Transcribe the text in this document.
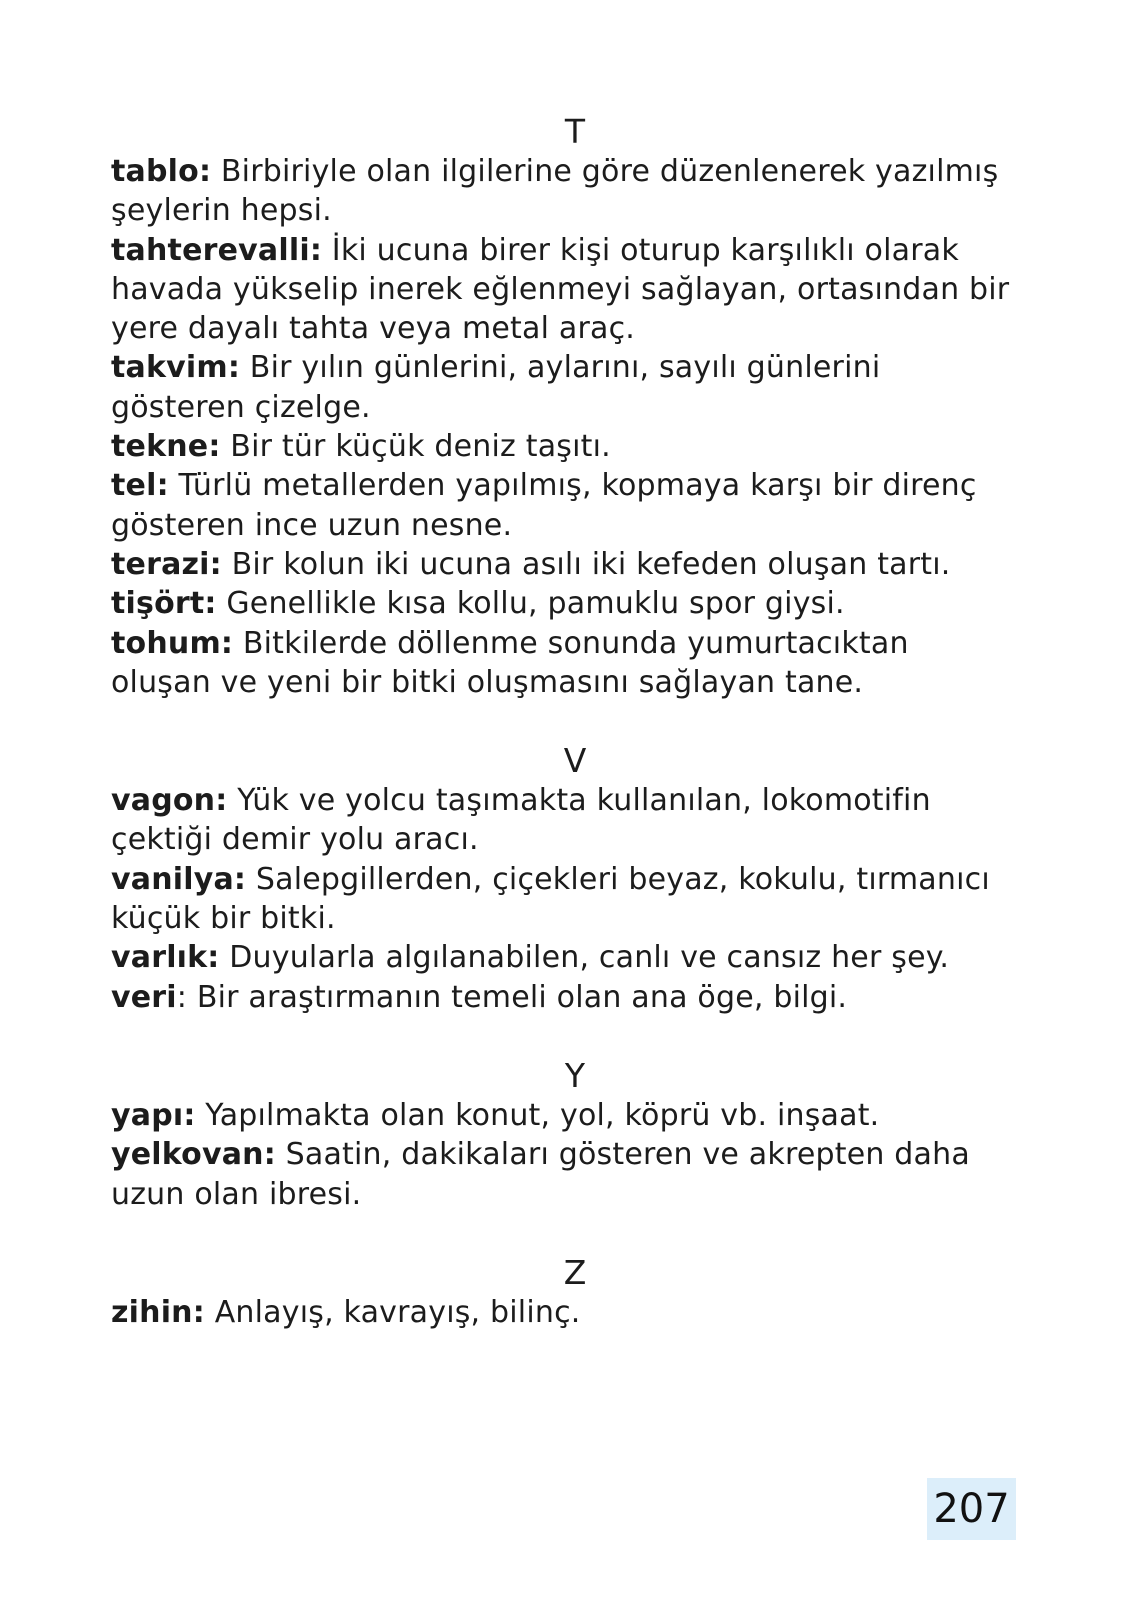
T

tablo: Birbiriyle olan ilgilerine göre düzenlenerek yazılmış şeylerin hepsi.

tahterevalli: İki ucuna birer kişi oturup karşılıklı olarak havada yükselip inerek eğlenmeyi sağlayan, ortasından bir yere dayalı tahta veya metal araç.

takvim: Bir yılın günlerini, aylarını, sayılı günlerini gösteren çizelge.

tekne: Bir tür küçük deniz taşıtı.

tel: Türlü metallerden yapılmış, kopmaya karşı bir direnç gösteren ince uzun nesne.

terazi: Bir kolun iki ucuna asılı iki kefeden oluşan tartı.

tişört: Genellikle kısa kollu, pamuklu spor giysi.

tohum: Bitkilerde döllenme sonunda yumurtacıktan oluşan ve yeni bir bitki oluşmasını sağlayan tane.

V

vagon: Yük ve yolcu taşımakta kullanılan, lokomotifin çektiği demir yolu aracı.

vanilya: Salepgillerden, çiçekleri beyaz, kokulu, tırmanıcı küçük bir bitki.

varlık: Duyularla algılanabilen, canlı ve cansız her şey.

veri: Bir araştırmanın temeli olan ana öge, bilgi.

Y

yapı: Yapılmakta olan konut, yol, köprü vb. inşaat.

yelkovan: Saatin, dakikaları gösteren ve akrepten daha uzun olan ibresi.

Z

zihin: Anlayış, kavrayış, bilinç.

207
